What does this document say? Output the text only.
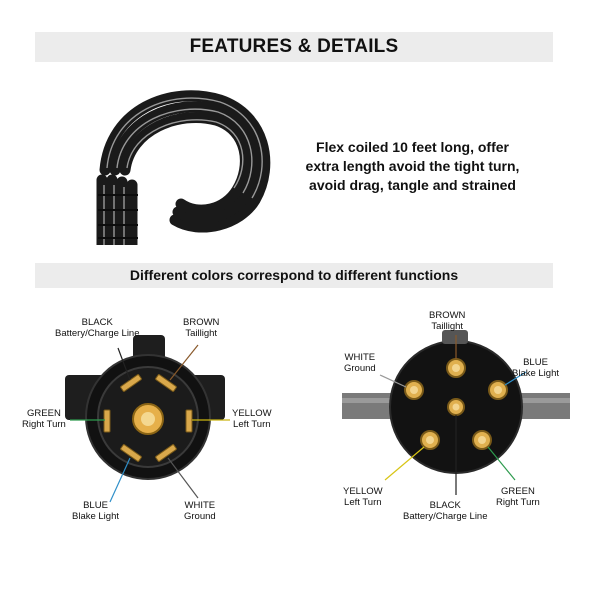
FEATURES & DETAILS
Flex coiled 10 feet long, offer
extra length avoid the tight turn,
avoid drag, tangle and strained
Different colors correspond to different functions
BLACK
Battery/Charge Line
BROWN
Taillight
GREEN
Right Turn
YELLOW
Left Turn
BLUE
Blake Light
WHITE
Ground
BROWN
Taillight
WHITE
Ground
BLUE
Blake Light
YELLOW
Left Turn
GREEN
Right Turn
BLACK
Battery/Charge Line
